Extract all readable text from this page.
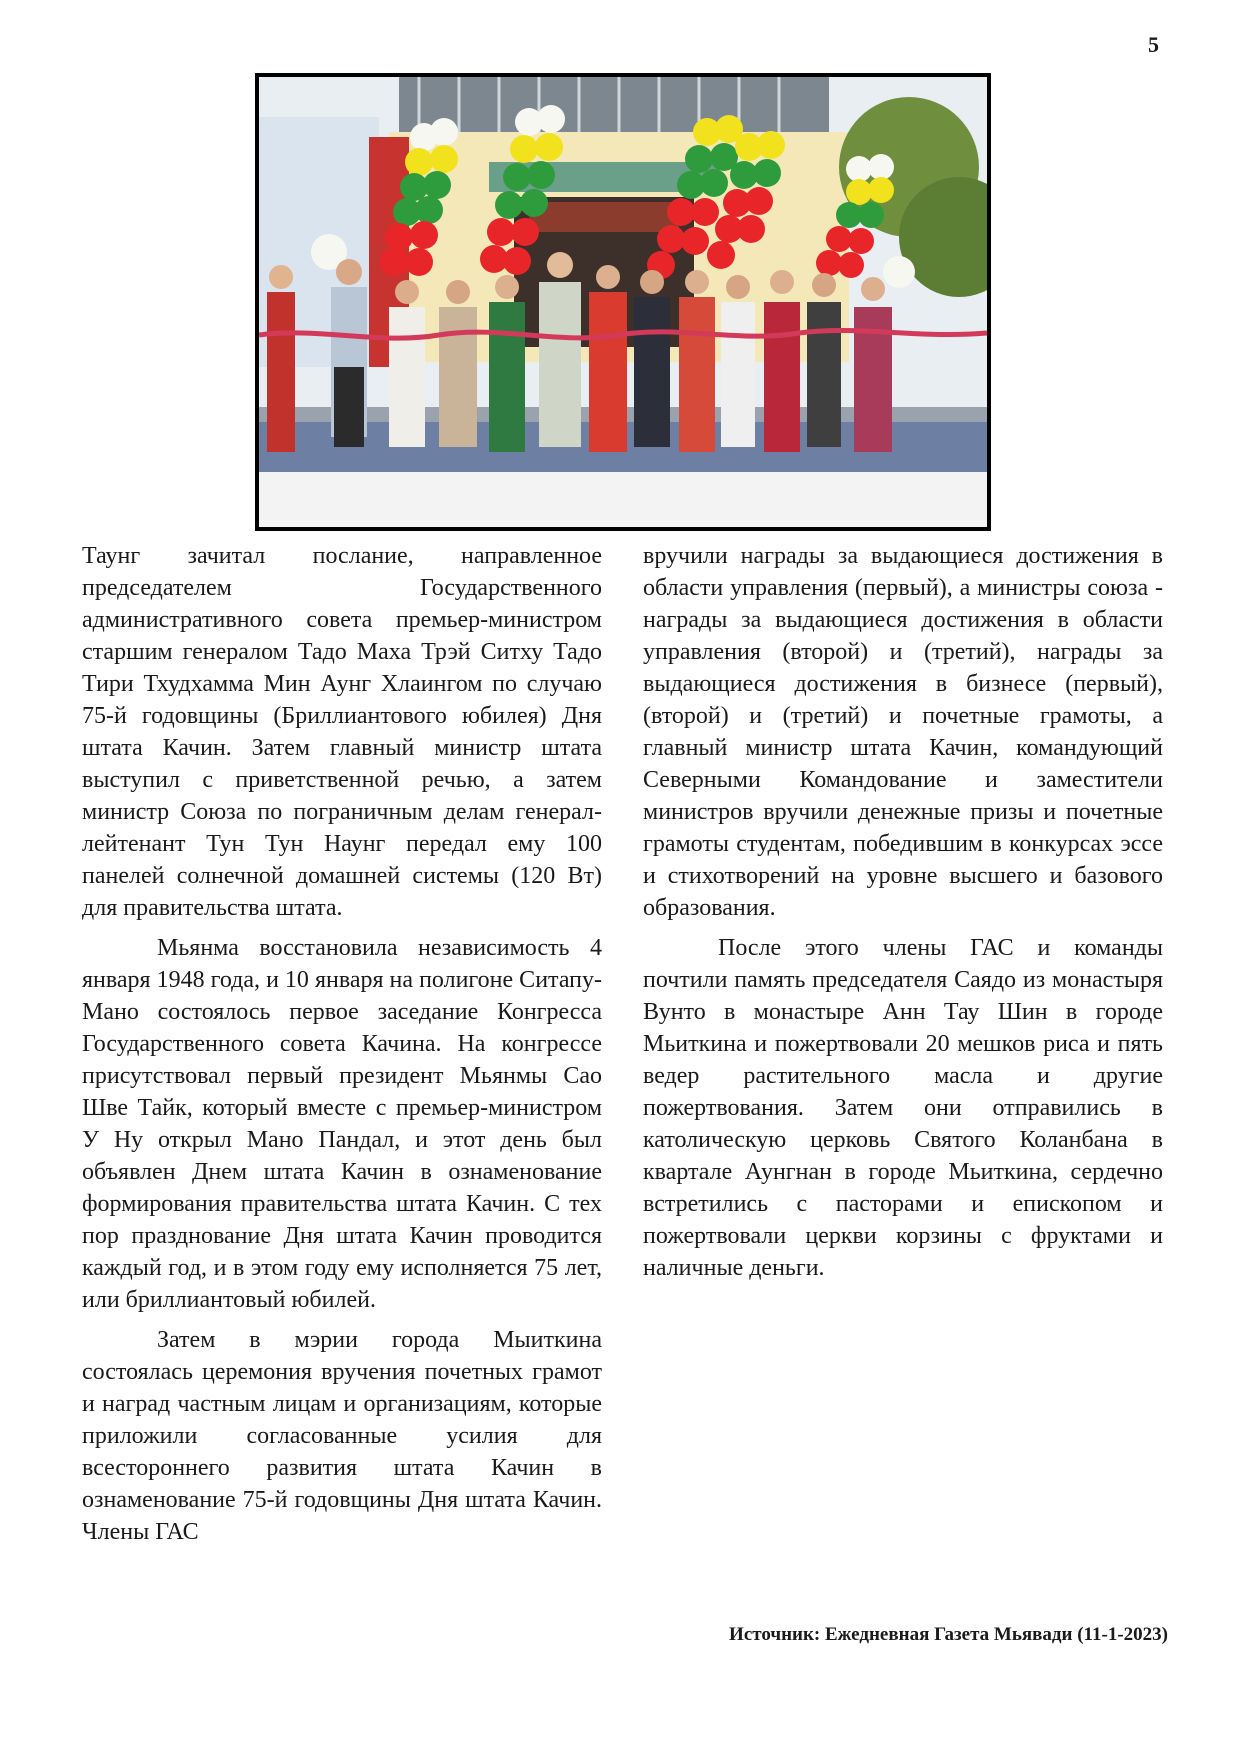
5

Таунг зачитал послание, направленное председателем Государственного административного совета премьер-министром старшим генералом Тадо Маха Трэй Ситху Тадо Тири Тхудхамма Мин Аунг Хлаингом по случаю 75-й годовщины (Бриллиантового юбилея) Дня штата Качин. Затем главный министр штата выступил с приветственной речью, а затем министр Союза по пограничным делам генерал-лейтенант Тун Тун Наунг передал ему 100 панелей солнечной домашней системы (120 Вт) для правительства штата.

Мьянма восстановила независимость 4 января 1948 года, и 10 января на полигоне Ситапу-Мано состоялось первое заседание Конгресса Государственного совета Качина. На конгрессе присутствовал первый президент Мьянмы Сао Шве Тайк, который вместе с премьер-министром У Ну открыл Мано Пандал, и этот день был объявлен Днем штата Качин в ознаменование формирования правительства штата Качин. С тех пор празднование Дня штата Качин проводится каждый год, и в этом году ему исполняется 75 лет, или бриллиантовый юбилей.

Затем в мэрии города Мыиткина состоялась церемония вручения почетных грамот и наград частным лицам и организациям, которые приложили согласованные усилия для всестороннего развития штата Качин в ознаменование 75-й годовщины Дня штата Качин. Члены ГАС

вручили награды за выдающиеся достижения в области управления (первый), а министры союза - награды за выдающиеся достижения в области управления (второй) и (третий), награды за выдающиеся достижения в бизнесе (первый), (второй) и (третий) и почетные грамоты, а главный министр штата Качин, командующий Северными Командование и заместители министров вручили денежные призы и почетные грамоты студентам, победившим в конкурсах эссе и стихотворений на уровне высшего и базового образования.

После этого члены ГАС и команды почтили память председателя Саядо из монастыря Вунто в монастыре Анн Тау Шин в городе Мьиткина и пожертвовали 20 мешков риса и пять ведер растительного масла и другие пожертвования. Затем они отправились в католическую церковь Святого Коланбана в квартале Аунгнан в городе Мьиткина, сердечно встретились с пасторами и епископом и пожертвовали церкви корзины с фруктами и наличные деньги.

Источник: Ежедневная Газета Мьявади (11-1-2023)
